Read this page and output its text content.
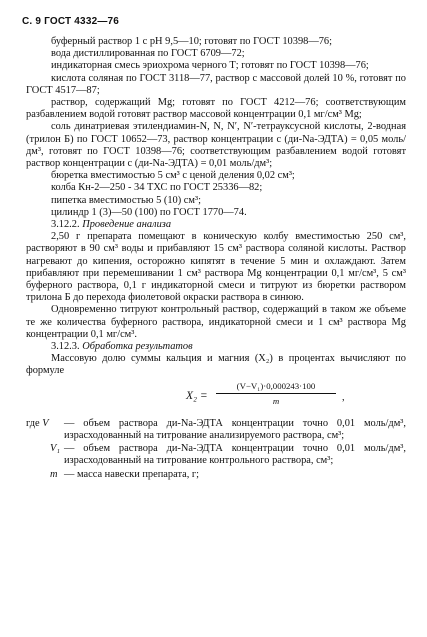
С. 9 ГОСТ 4332—76

буферный раствор 1 с рН 9,5—10; готовят по ГОСТ 10398—76;

вода дистиллированная по ГОСТ 6709—72;

индикаторная смесь эриохрома черного Т; готовят по ГОСТ 10398—76;

кислота соляная по ГОСТ 3118—77, раствор с массовой долей 10 %, готовят по ГОСТ 4517—87;

раствор, содержащий Mg; готовят по ГОСТ 4212—76; соответствующим разбавлением водой готовят раствор массовой концентрации 0,1 мг/см³ Mg;

соль динатриевая этилендиамин-N, N, N′, N′-тетрауксусной кислоты, 2-водная (трилон Б) по ГОСТ 10652—73, раствор концентрации с (ди-Na-ЭДТА) = 0,05 моль/дм³, готовят по ГОСТ 10398—76; соответствующим разбавлением водой готовят раствор концентрации с (ди-Na-ЭДТА) = 0,01 моль/дм³;

бюретка вместимостью 5 см³ с ценой деления 0,02 см³;

колба Кн-2—250 - 34 ТХС по ГОСТ 25336—82;

пипетка вместимостью 5 (10) см³;

цилиндр 1 (3)—50 (100) по ГОСТ 1770—74.

3.12.2. Проведение анализа

2,50 г препарата помещают в коническую колбу вместимостью 250 см³, растворяют в 90 см³ воды и прибавляют 15 см³ раствора соляной кислоты. Раствор нагревают до кипения, осторожно кипятят в течение 5 мин и охлаждают. Затем прибавляют при перемешивании 1 см³ раствора Mg концентрации 0,1 мг/см³, 5 см³ буферного раствора, 0,1 г индикаторной смеси и титруют из бюретки раствором трилона Б до перехода фиолетовой окраски раствора в синюю.

Одновременно титруют контрольный раствор, содержащий в таком же объеме те же количества буферного раствора, индикаторной смеси и 1 см³ раствора Mg концентрации 0,1 мг/см³.

3.12.3. Обработка результатов

Массовую долю суммы кальция и магния (X₂) в процентах вычисляют по формуле

$X_2 = \frac{\text{(V−V₁)·0,000243·100}}{m}$ ,
где V	— объем раствора ди-Na-ЭДТА концентрации точно 0,01 моль/дм³, израсходованный на титрование анализируемого раствора, см³;
V₁ — объем раствора ди-Na-ЭДТА концентрации точно 0,01 моль/дм³, израсходованный на титрование контрольного раствора, см³;
m — масса навески препарата, г;
